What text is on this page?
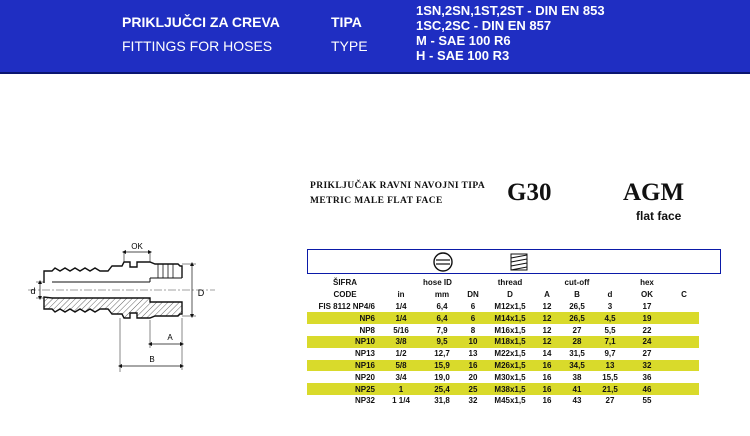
PRIKLJUČCI ZA CREVA
FITTINGS FOR HOSES
TIPA
TYPE
1SN,2SN,1ST,2ST - DIN EN 853
1SC,2SC - DIN EN 857
M - SAE 100 R6
H - SAE 100 R3
PRIKLJUČAK RAVNI NAVOJNI TIPA
METRIC MALE FLAT FACE	G30	AGM
flat face
OK
d	D
A
B
ŠIFRA		hose ID		thread		cut-off		hex	
CODE	in	mm	DN	D	A	B	d	OK	C
FIS 8112 NP4/6	1/4	6,4	6	M12x1,5	12	26,5	3	17	
NP6	1/4	6,4	6	M14x1,5	12	26,5	4,5	19	
NP8	5/16	7,9	8	M16x1,5	12	27	5,5	22	
NP10	3/8	9,5	10	M18x1,5	12	28	7,1	24	
NP13	1/2	12,7	13	M22x1,5	14	31,5	9,7	27	
NP16	5/8	15,9	16	M26x1,5	16	34,5	13	32	
NP20	3/4	19,0	20	M30x1,5	16	38	15,5	36	
NP25	1	25,4	25	M38x1,5	16	41	21,5	46	
NP32	1 1/4	31,8	32	M45x1,5	16	43	27	55	
